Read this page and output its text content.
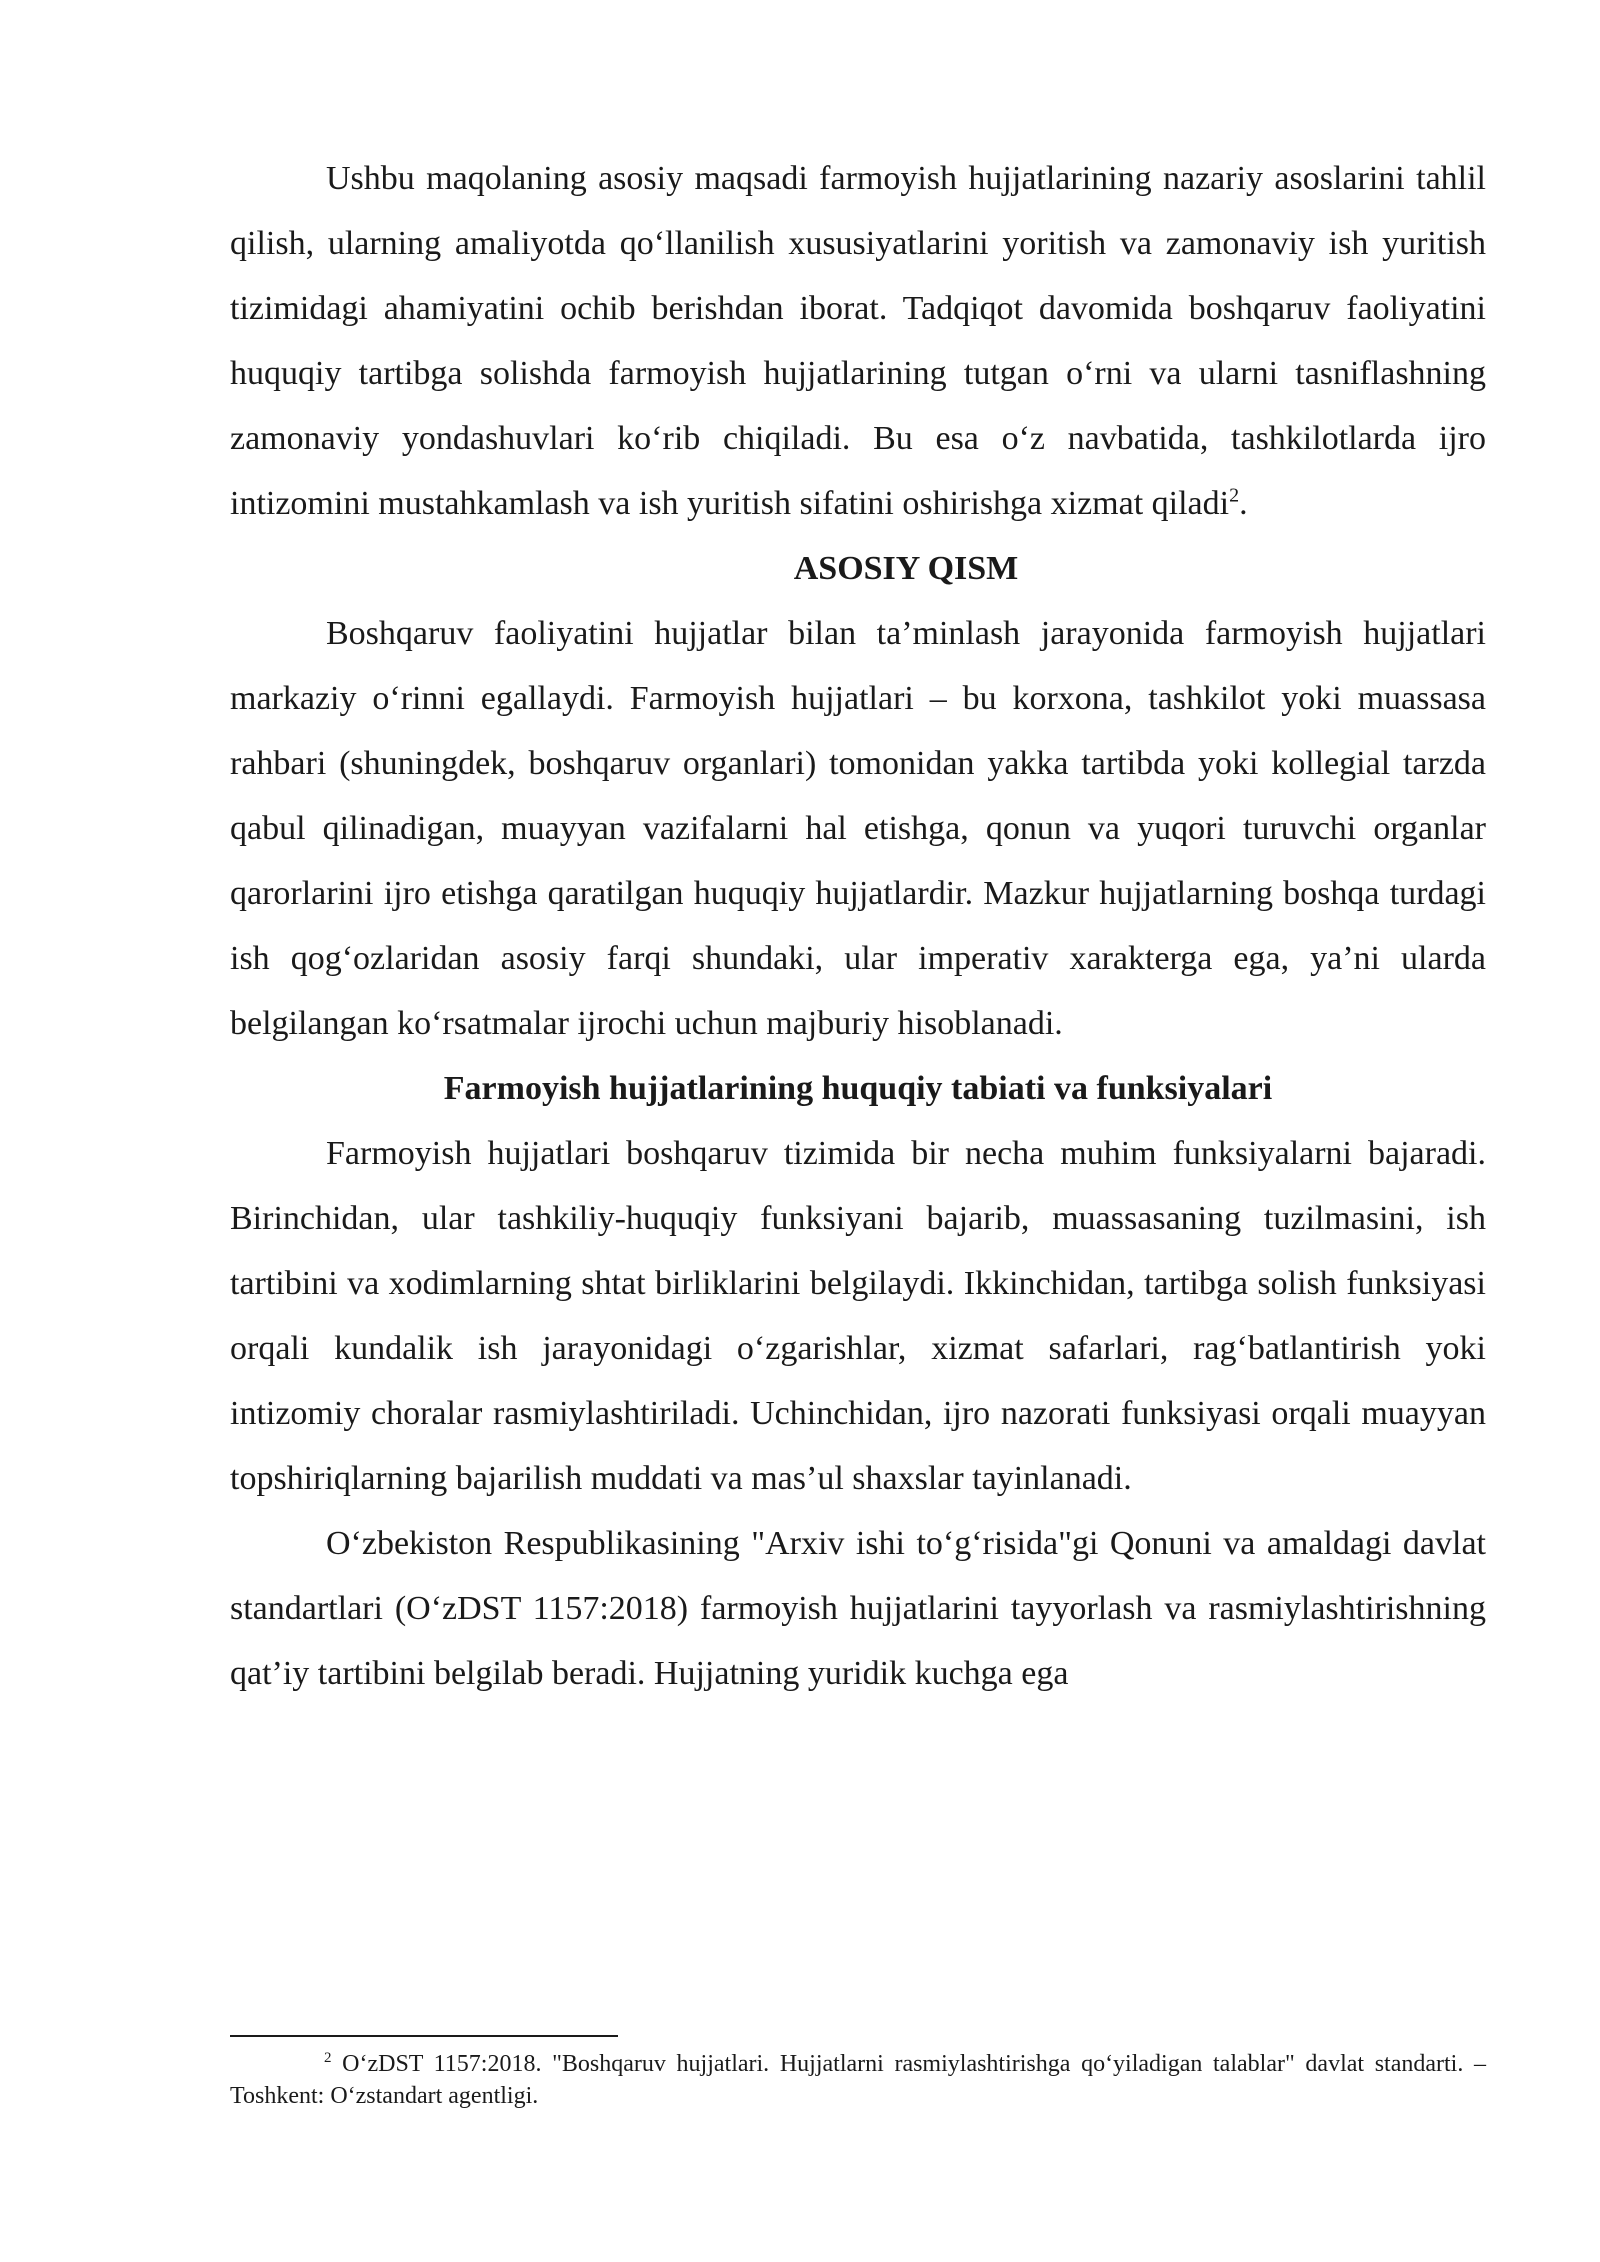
Ushbu maqolaning asosiy maqsadi farmoyish hujjatlarining nazariy asoslarini tahlil qilish, ularning amaliyotda qo‘llanilish xususiyatlarini yoritish va zamonaviy ish yuritish tizimidagi ahamiyatini ochib berishdan iborat. Tadqiqot davomida boshqaruv faoliyatini huquqiy tartibga solishda farmoyish hujjatlarining tutgan o‘rni va ularni tasniflashning zamonaviy yondashuvlari ko‘rib chiqiladi. Bu esa o‘z navbatida, tashkilotlarda ijro intizomini mustahkamlash va ish yuritish sifatini oshirishga xizmat qiladi$^2$.

ASOSIY QISM

Boshqaruv faoliyatini hujjatlar bilan ta’minlash jarayonida farmoyish hujjatlari markaziy o‘rinni egallaydi. Farmoyish hujjatlari – bu korxona, tashkilot yoki muassasa rahbari (shuningdek, boshqaruv organlari) tomonidan yakka tartibda yoki kollegial tarzda qabul qilinadigan, muayyan vazifalarni hal etishga, qonun va yuqori turuvchi organlar qarorlarini ijro etishga qaratilgan huquqiy hujjatlardir. Mazkur hujjatlarning boshqa turdagi ish qog‘ozlaridan asosiy farqi shundaki, ular imperativ xarakterga ega, ya’ni ularda belgilangan ko‘rsatmalar ijrochi uchun majburiy hisoblanadi.

Farmoyish hujjatlarining huquqiy tabiati va funksiyalari

Farmoyish hujjatlari boshqaruv tizimida bir necha muhim funksiyalarni bajaradi. Birinchidan, ular tashkiliy-huquqiy funksiyani bajarib, muassasaning tuzilmasini, ish tartibini va xodimlarning shtat birliklarini belgilaydi. Ikkinchidan, tartibga solish funksiyasi orqali kundalik ish jarayonidagi o‘zgarishlar, xizmat safarlari, rag‘batlantirish yoki intizomiy choralar rasmiylashtiriladi. Uchinchidan, ijro nazorati funksiyasi orqali muayyan topshiriqlarning bajarilish muddati va mas’ul shaxslar tayinlanadi.

O‘zbekiston Respublikasining "Arxiv ishi to‘g‘risida"gi Qonuni va amaldagi davlat standartlari (O‘zDST 1157:2018) farmoyish hujjatlarini tayyorlash va rasmiylashtirishning qat’iy tartibini belgilab beradi. Hujjatning yuridik kuchga ega

$^2$ O‘zDST 1157:2018. "Boshqaruv hujjatlari. Hujjatlarni rasmiylashtirishga qo‘yiladigan talablar" davlat standarti. – Toshkent: O‘zstandart agentligi.
